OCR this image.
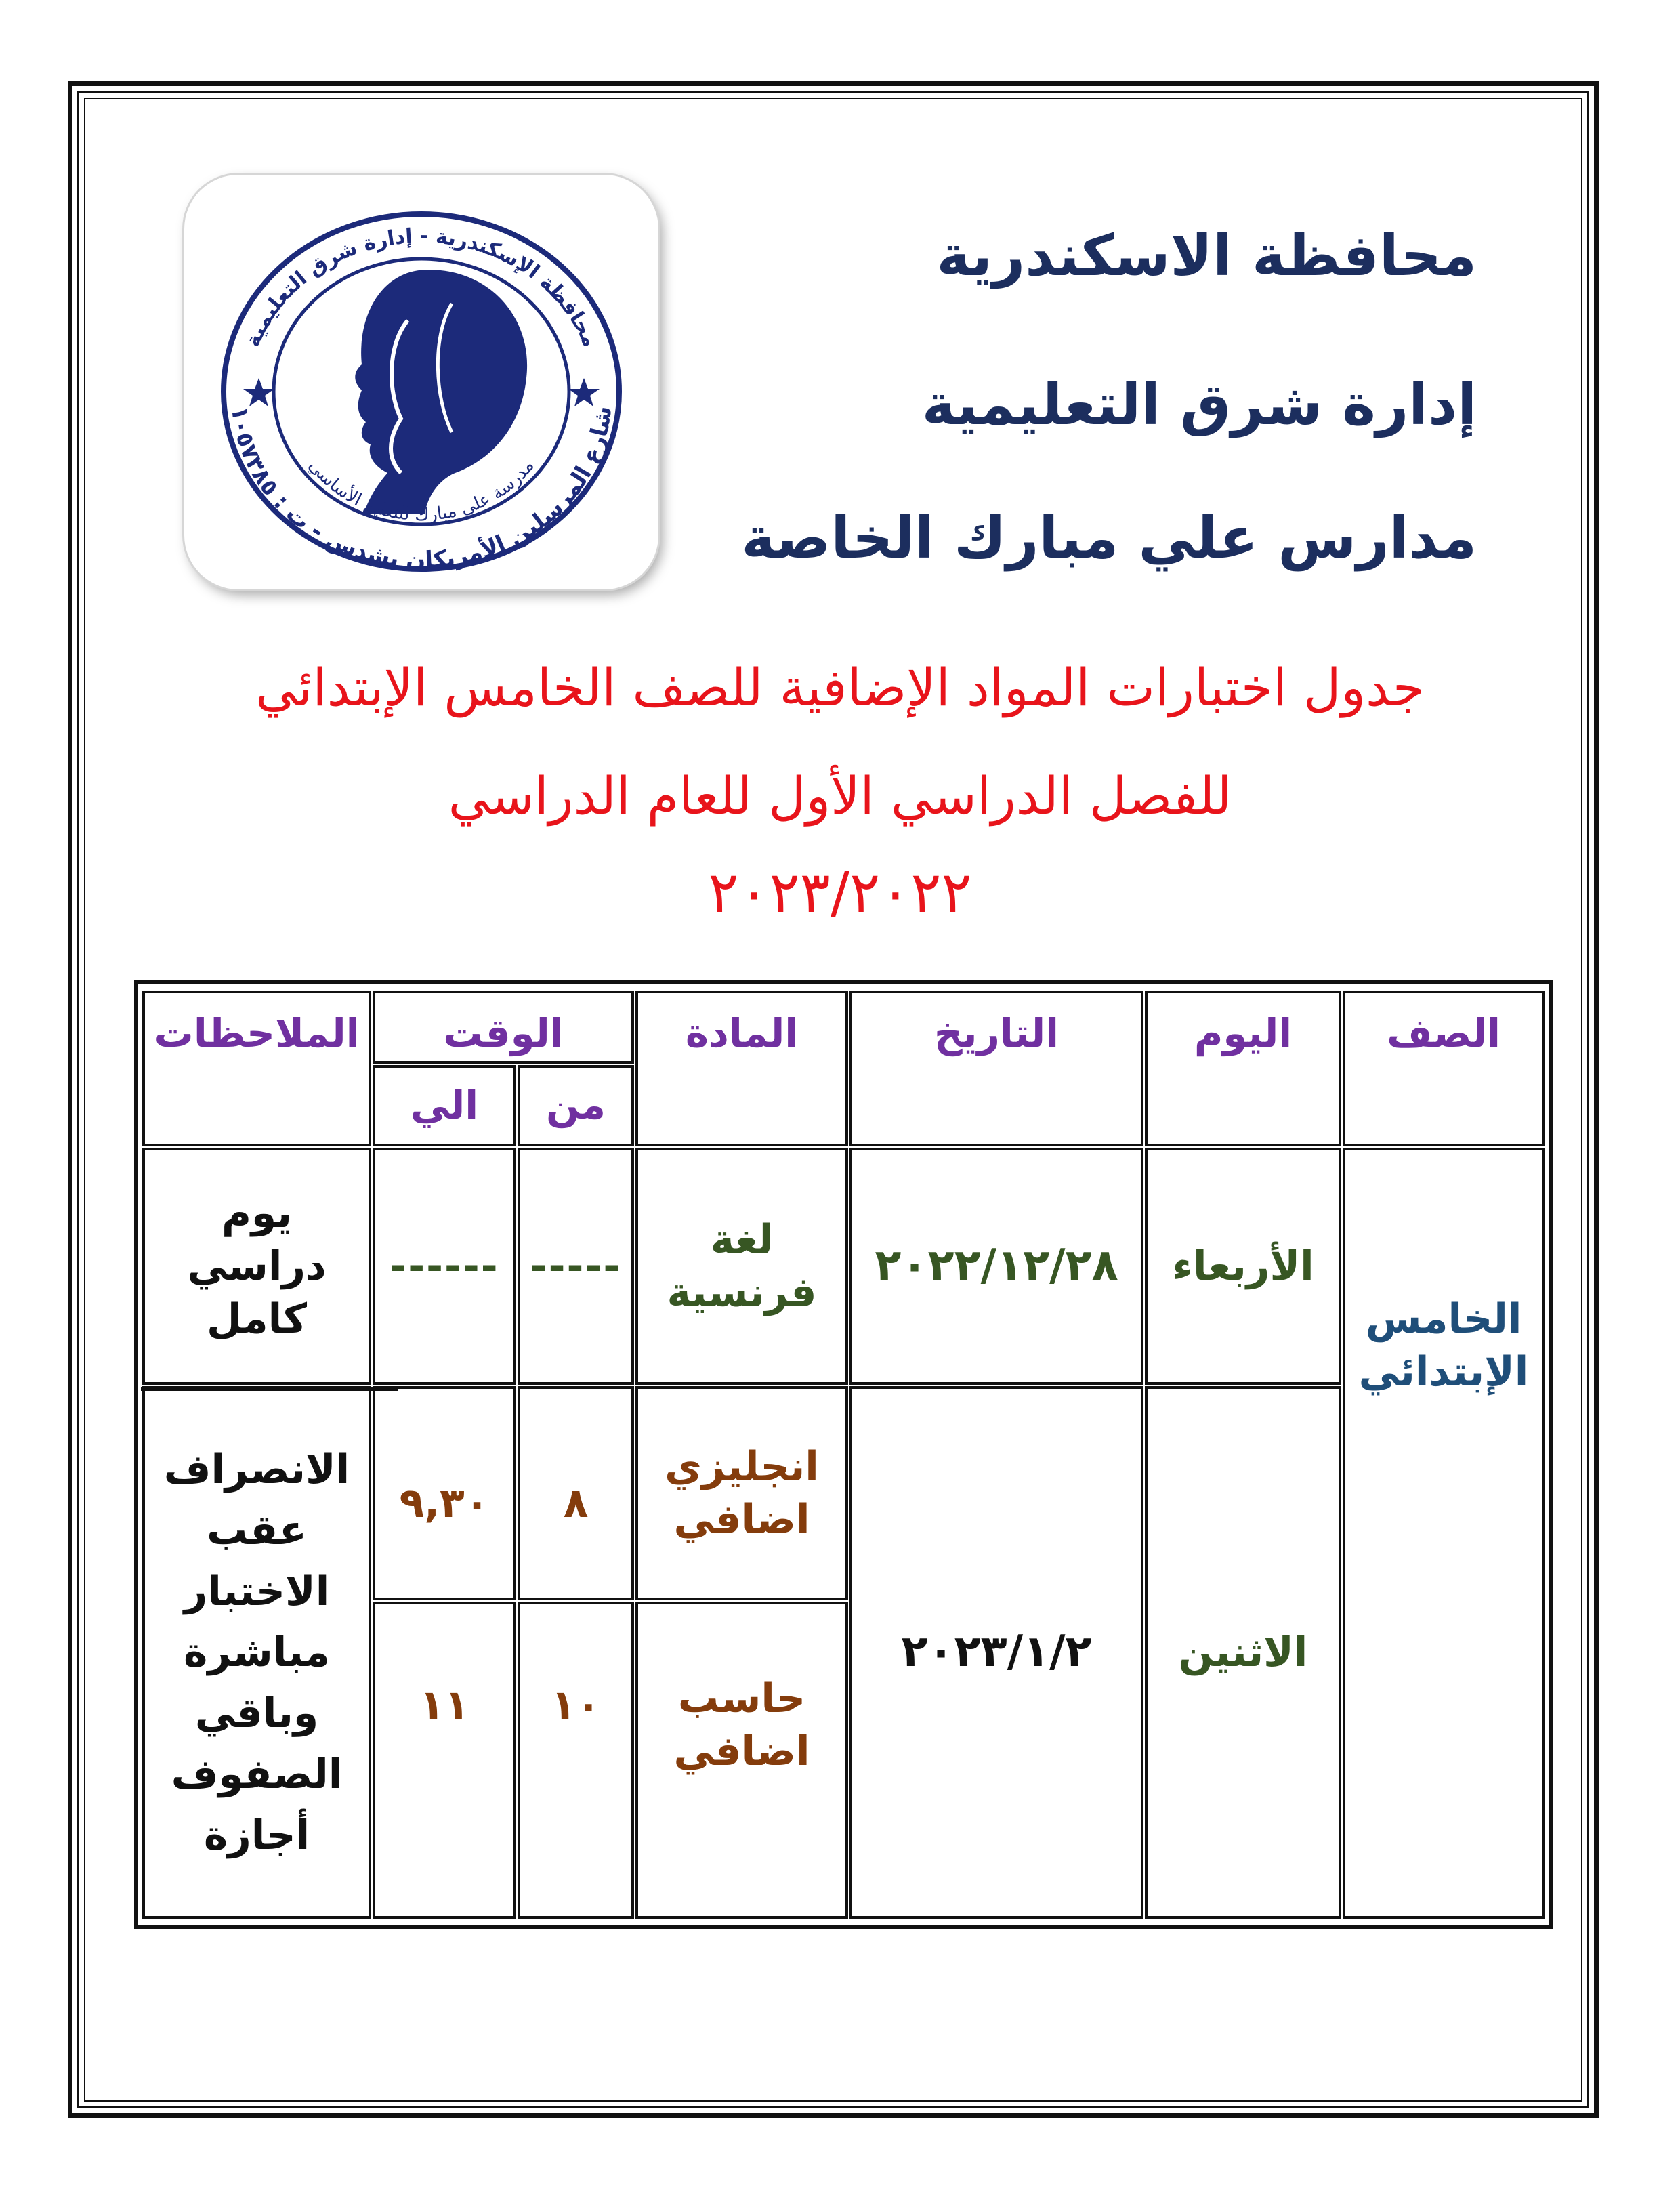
محافظة الإسكندرية - إدارة شرق التعليمية
شارع المرسلين الأمريكان بشدس - ت : ١٠٥٧٣٨٥
مدرسة علي مبارك للتعليم الأساسي
محافظة الاسكندرية
إدارة شرق التعليمية
مدارس علي مبارك الخاصة
جدول اختبارات المواد الإضافية للصف الخامس الإبتدائي
للفصل الدراسي الأول للعام الدراسي
٢٠٢٣/٢٠٢٢
الصف
اليوم
التاريخ
المادة
الوقت
من
الي
الملاحظات
الخامس الإبتدائي
الأربعاء
٢٠٢٢/١٢/٢٨
لغة فرنسية
-----
------
يوم دراسي كامل
الاثنين
٢٠٢٣/١/٢
انجليزي اضافي
٨
٩,٣٠
حاسب اضافي
١٠
١١
الانصراف عقب الاختبار مباشرة وباقي الصفوف أجازة
